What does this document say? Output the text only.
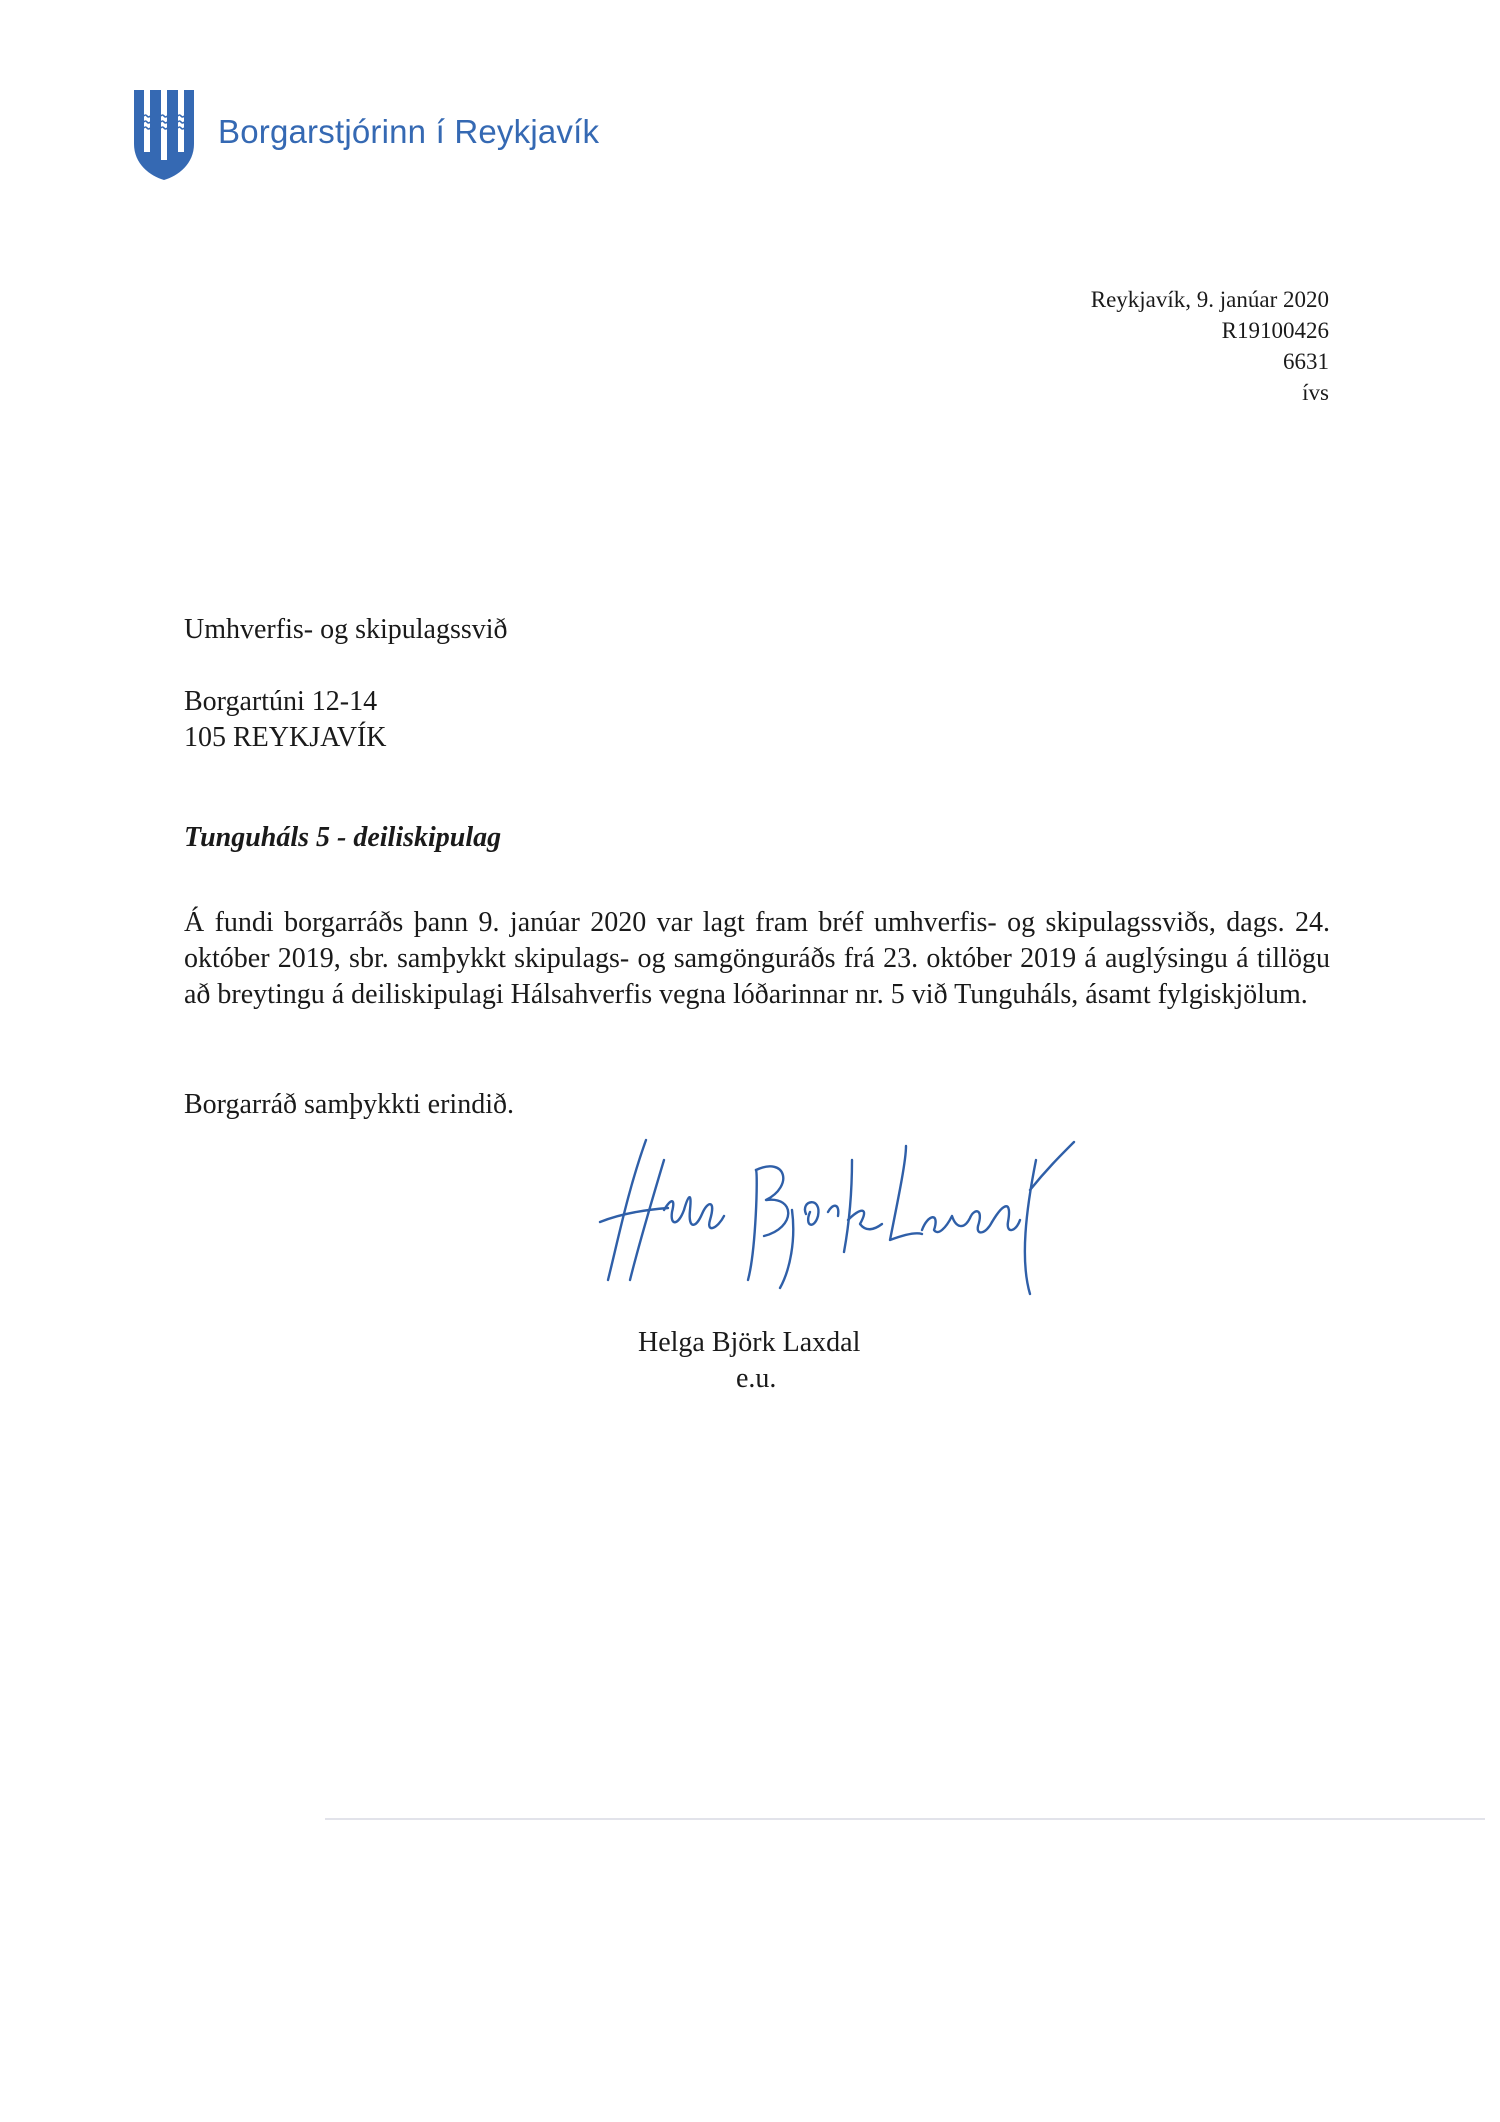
Borgarstjórinn í Reykjavík
Reykjavík, 9. janúar 2020
R19100426
6631
ívs
Umhverfis- og skipulagssvið
Borgartúni 12-14
105 REYKJAVÍK
Tunguháls 5 - deiliskipulag

Á fundi borgarráðs þann 9. janúar 2020 var lagt fram bréf umhverfis- og skipulagssviðs, dags. 24. október 2019, sbr. samþykkt skipulags- og samgönguráðs frá 23. október 2019 á auglýsingu á tillögu að breytingu á deiliskipulagi Hálsahverfis vegna lóðarinnar nr. 5 við Tunguháls, ásamt fylgiskjölum.

Borgarráð samþykkti erindið.
Helga Björk Laxdal
e.u.
